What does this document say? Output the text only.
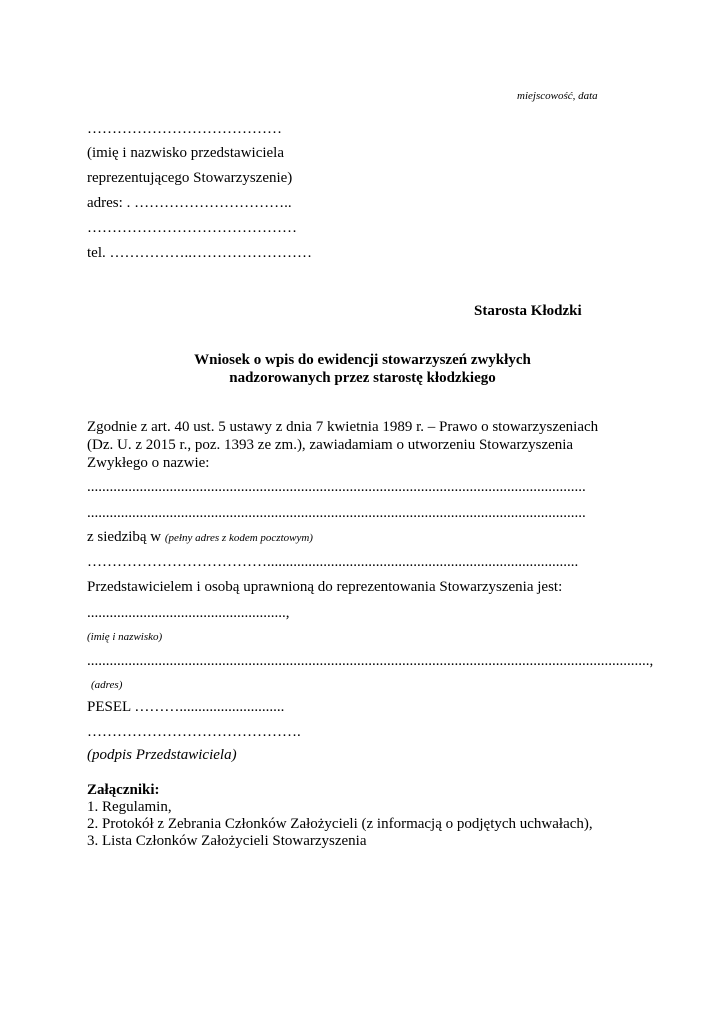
miejscowość, data
…………………………………
(imię i nazwisko przedstawiciela
reprezentującego Stowarzyszenie)
adres: . …………………………..
……………………………………
tel. ……………..……………………
Starosta Kłodzki
Wniosek o wpis do ewidencji stowarzyszeń zwykłych
nadzorowanych przez starostę kłodzkiego
Zgodnie z art. 40 ust. 5 ustawy z dnia 7 kwietnia 1989 r. – Prawo o stowarzyszeniach
(Dz. U. z 2015 r., poz. 1393 ze zm.), zawiadamiam o utworzeniu Stowarzyszenia
Zwykłego o nazwie:
.....................................................................................................................................
.....................................................................................................................................
z siedzibą w (pełny adres z kodem pocztowym)
………………………………...................................................................................
Przedstawicielem i osobą uprawnioną do reprezentowania Stowarzyszenia jest:
.....................................................,
(imię i nazwisko)
......................................................................................................................................................,
(adres)
PESEL ………............................
…………………………………….
(podpis Przedstawiciela)
Załączniki:
1. Regulamin,
2. Protokół z Zebrania Członków Założycieli (z informacją o podjętych uchwałach),
3. Lista Członków Założycieli Stowarzyszenia
